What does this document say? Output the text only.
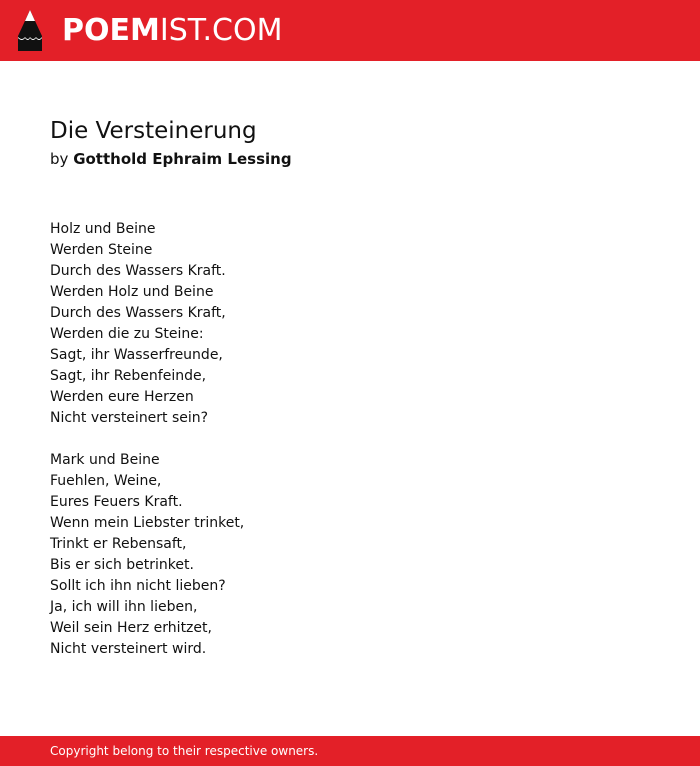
POEMIST.COM
Die Versteinerung
by Gotthold Ephraim Lessing
Holz und Beine
Werden Steine
Durch des Wassers Kraft.
Werden Holz und Beine
Durch des Wassers Kraft,
Werden die zu Steine:
Sagt, ihr Wasserfreunde,
Sagt, ihr Rebenfeinde,
Werden eure Herzen
Nicht versteinert sein?
Mark und Beine
Fuehlen, Weine,
Eures Feuers Kraft.
Wenn mein Liebster trinket,
Trinkt er Rebensaft,
Bis er sich betrinket.
Sollt ich ihn nicht lieben?
Ja, ich will ihn lieben,
Weil sein Herz erhitzet,
Nicht versteinert wird.
Copyright belong to their respective owners.
